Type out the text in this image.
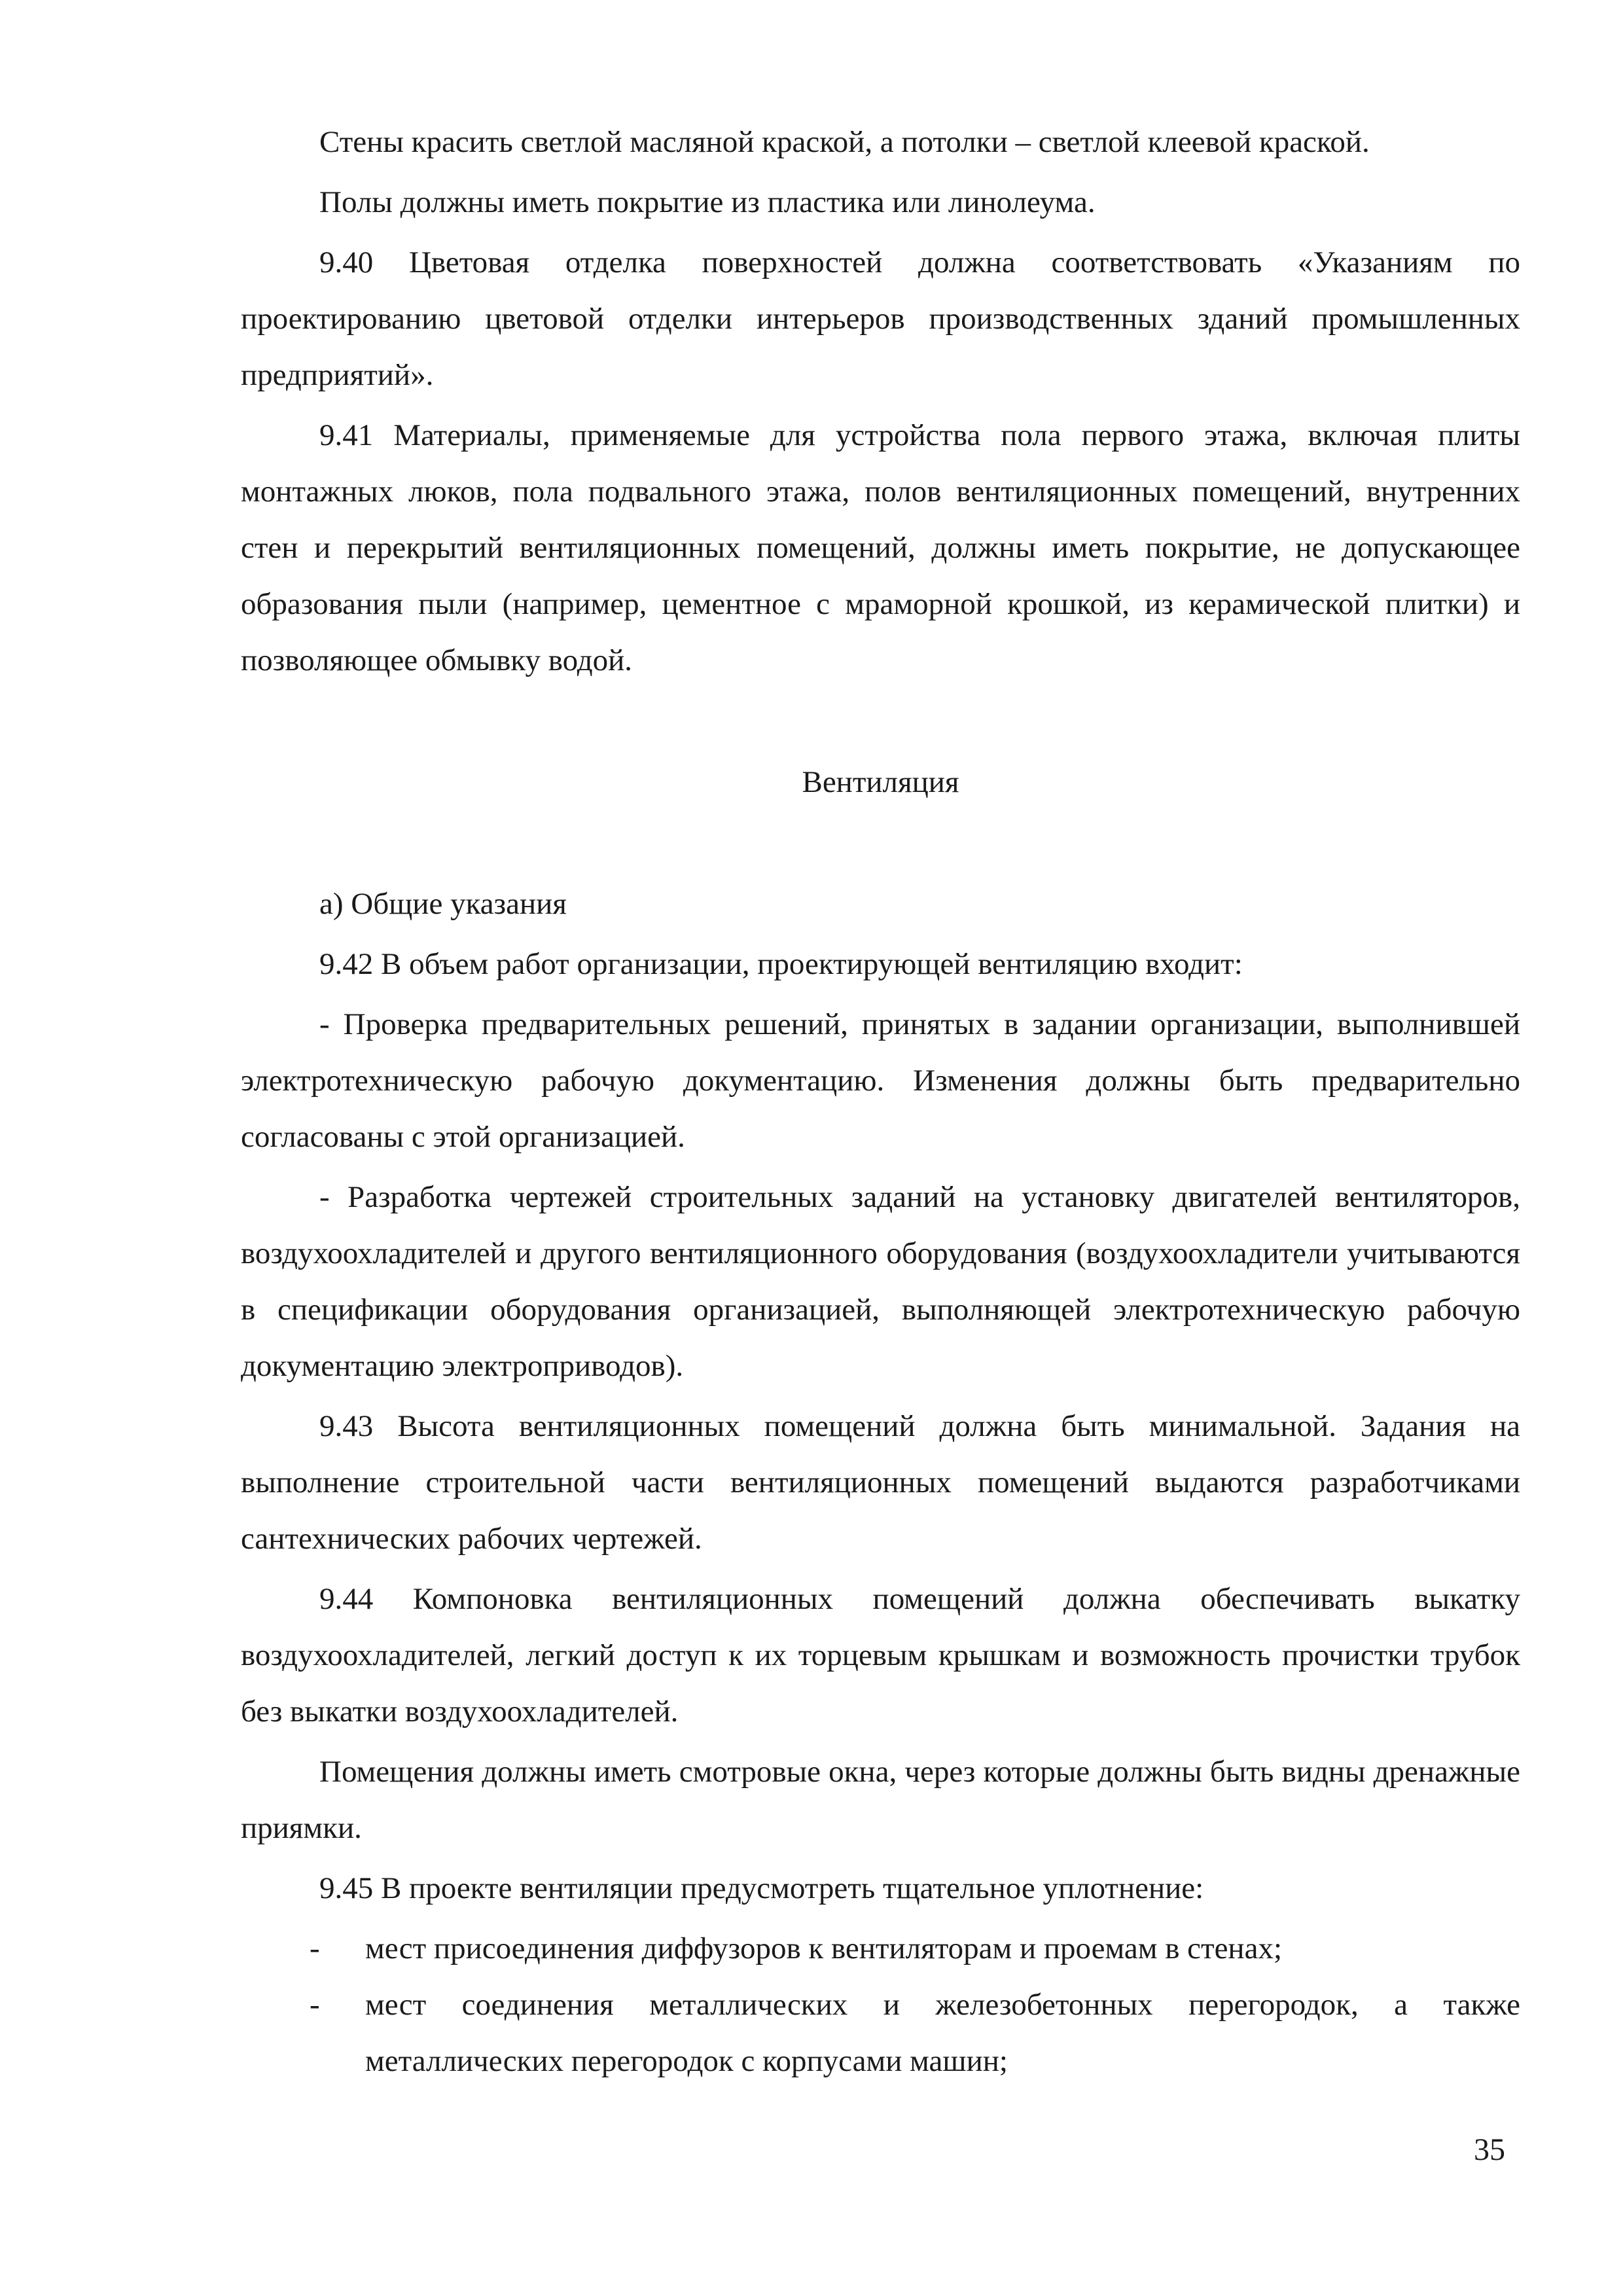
Стены красить светлой масляной краской, а потолки – светлой клеевой краской.

Полы должны иметь покрытие из пластика или линолеума.

9.40 Цветовая отделка поверхностей должна соответствовать «Указаниям по проектированию цветовой отделки интерьеров производственных зданий промышленных предприятий».

9.41 Материалы, применяемые для устройства пола первого этажа, включая плиты монтажных люков, пола подвального этажа, полов вентиляционных помещений, внутренних стен и перекрытий вентиляционных помещений, должны иметь покрытие, не допускающее образования пыли (например, цементное с мраморной крошкой, из керамической плитки) и позволяющее обмывку водой.

Вентиляция

а) Общие указания

9.42 В объем работ организации, проектирующей вентиляцию входит:

- Проверка предварительных решений, принятых в задании организации, выполнившей электротехническую рабочую документацию. Изменения должны быть предварительно согласованы с этой организацией.

- Разработка чертежей строительных заданий на установку двигателей вентиляторов, воздухоохладителей и другого вентиляционного оборудования (воздухоохладители учитываются в спецификации оборудования организацией, выполняющей электротехническую рабочую документацию электроприводов).

9.43 Высота вентиляционных помещений должна быть минимальной. Задания на выполнение строительной части вентиляционных помещений выдаются разработчиками сантехнических рабочих чертежей.

9.44 Компоновка вентиляционных помещений должна обеспечивать выкатку воздухоохладителей, легкий доступ к их торцевым крышкам и возможность прочистки трубок без выкатки воздухоохладителей.

Помещения должны иметь смотровые окна, через которые должны быть видны дренажные приямки.

9.45 В проекте вентиляции предусмотреть тщательное уплотнение:

- мест присоединения диффузоров к вентиляторам и проемам в стенах;
- мест соединения металлических и железобетонных перегородок, а также металлических перегородок с корпусами машин;
35
